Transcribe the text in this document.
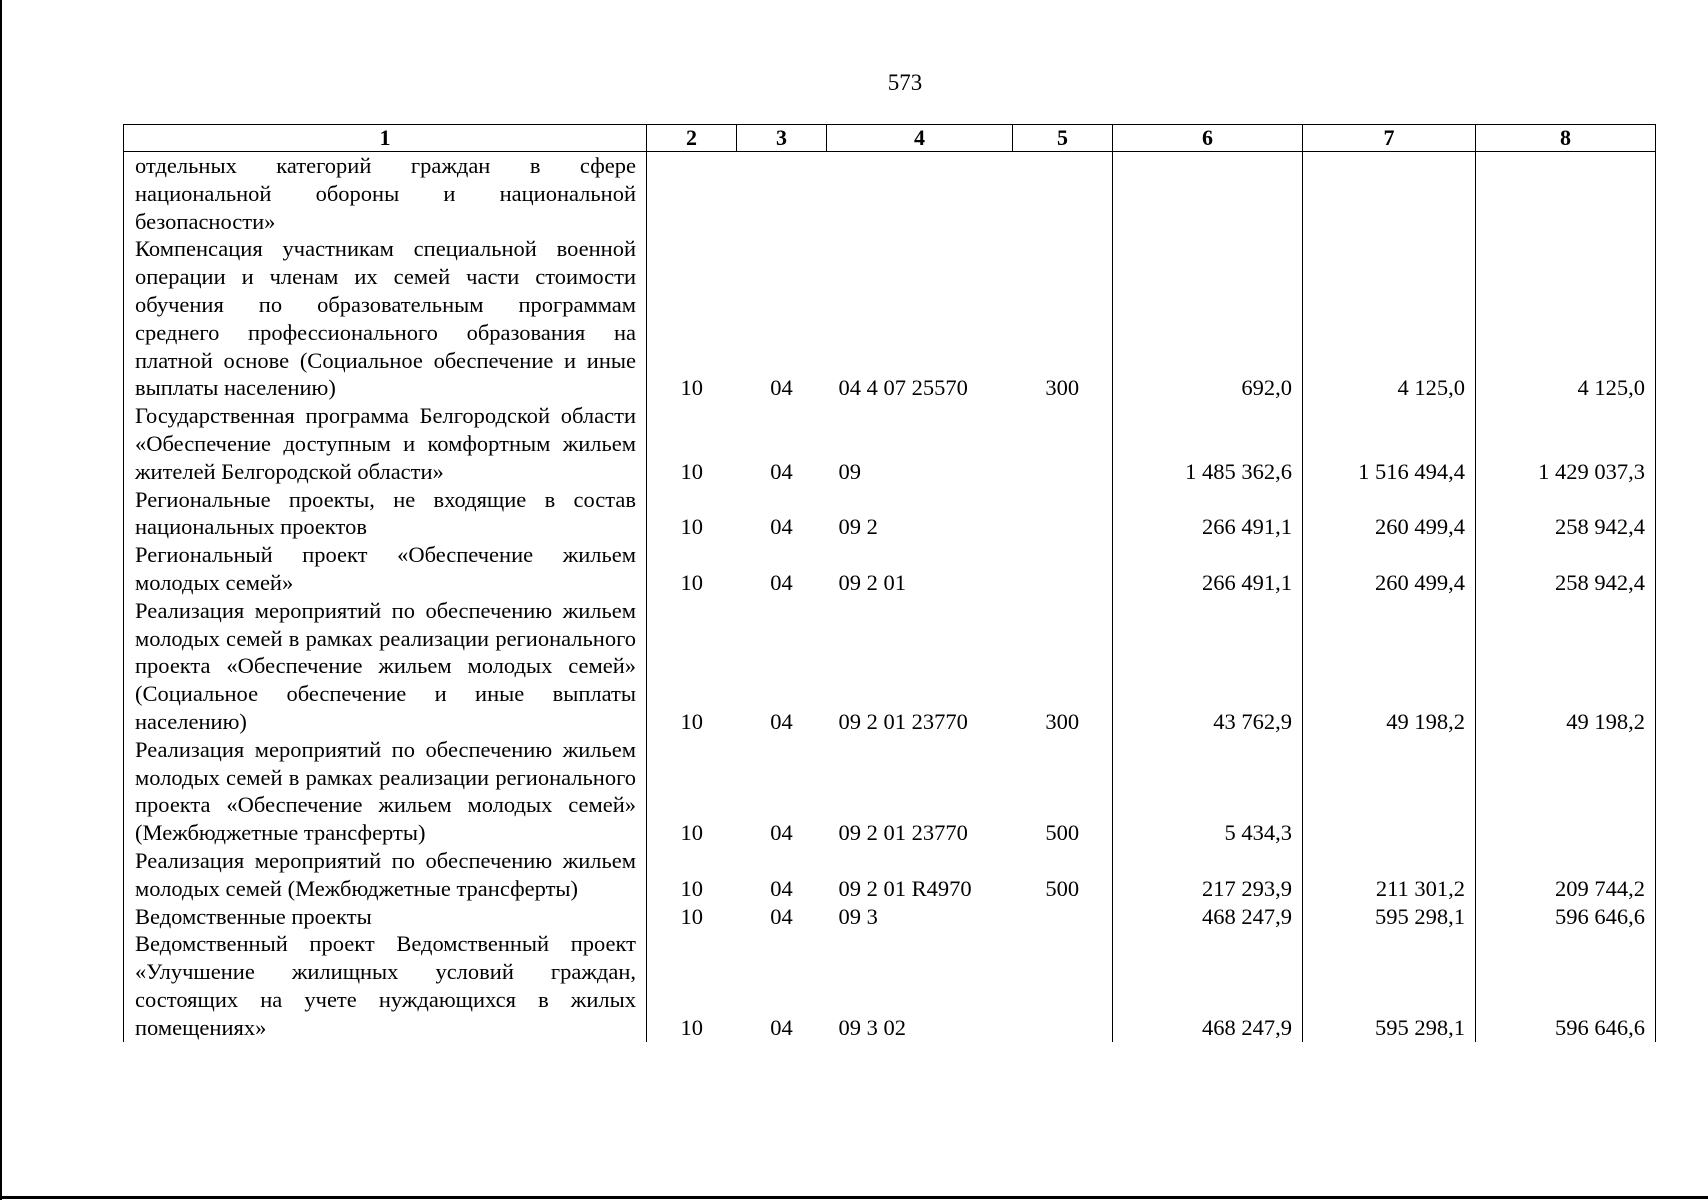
573
1	2	3	4	5	6	7	8
отдельных категорий граждан в сфере национальной обороны и национальной безопасности»							
Компенсация участникам специальной военной операции и членам их семей части стоимости обучения по образовательным программам среднего профессионального образования на платной основе (Социальное обеспечение и иные выплаты населению)	10	04	04 4 07 25570	300	692,0	4 125,0	4 125,0
Государственная программа Белгородской области «Обеспечение доступным и комфортным жильем жителей Белгородской области»	10	04	09		1 485 362,6	1 516 494,4	1 429 037,3
Региональные проекты, не входящие в состав национальных проектов	10	04	09 2		266 491,1	260 499,4	258 942,4
Региональный проект «Обеспечение жильем молодых семей»	10	04	09 2 01		266 491,1	260 499,4	258 942,4
Реализация мероприятий по обеспечению жильем молодых семей в рамках реализации регионального проекта «Обеспечение жильем молодых семей» (Социальное обеспечение и иные выплаты населению)	10	04	09 2 01 23770	300	43 762,9	49 198,2	49 198,2
Реализация мероприятий по обеспечению жильем молодых семей в рамках реализации регионального проекта «Обеспечение жильем молодых семей» (Межбюджетные трансферты)	10	04	09 2 01 23770	500	5 434,3		
Реализация мероприятий по обеспечению жильем молодых семей (Межбюджетные трансферты)	10	04	09 2 01 R4970	500	217 293,9	211 301,2	209 744,2
Ведомственные проекты	10	04	09 3		468 247,9	595 298,1	596 646,6
Ведомственный проект Ведомственный проект «Улучшение жилищных условий граждан, состоящих на учете нуждающихся в жилых помещениях»	10	04	09 3 02		468 247,9	595 298,1	596 646,6
